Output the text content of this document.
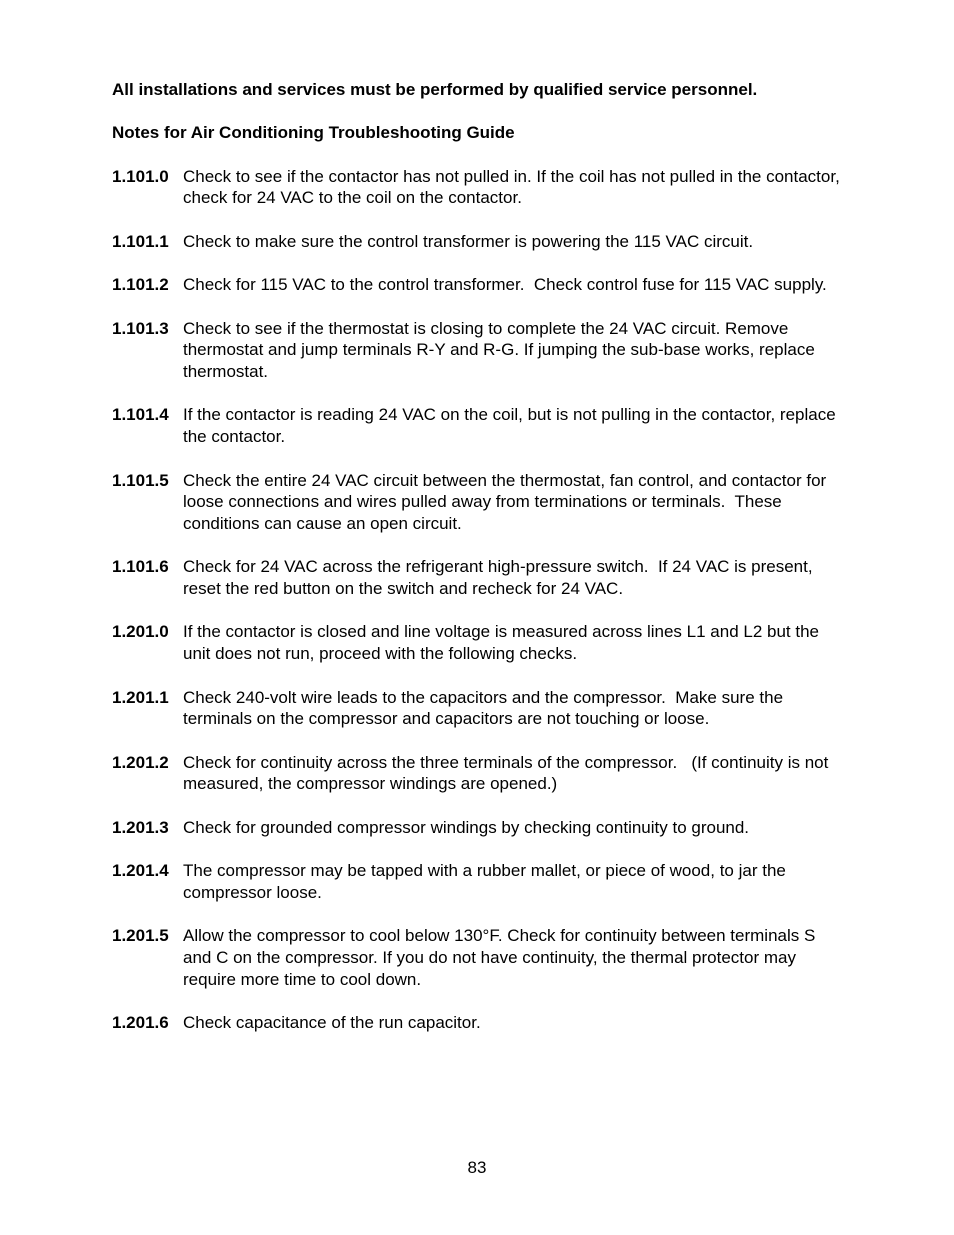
All installations and services must be performed by qualified service personnel.
Notes for Air Conditioning Troubleshooting Guide
1.101.0 Check to see if the contactor has not pulled in. If the coil has not pulled in the contactor, check for 24 VAC to the coil on the contactor.
1.101.1 Check to make sure the control transformer is powering the 115 VAC circuit.
1.101.2 Check for 115 VAC to the control transformer.  Check control fuse for 115 VAC supply.
1.101.3 Check to see if the thermostat is closing to complete the 24 VAC circuit. Remove thermostat and jump terminals R-Y and R-G. If jumping the sub-base works, replace thermostat.
1.101.4 If the contactor is reading 24 VAC on the coil, but is not pulling in the contactor, replace the contactor.
1.101.5 Check the entire 24 VAC circuit between the thermostat, fan control, and contactor for loose connections and wires pulled away from terminations or terminals.  These conditions can cause an open circuit.
1.101.6 Check for 24 VAC across the refrigerant high-pressure switch.  If 24 VAC is present, reset the red button on the switch and recheck for 24 VAC.
1.201.0 If the contactor is closed and line voltage is measured across lines L1 and L2 but the unit does not run, proceed with the following checks.
1.201.1 Check 240-volt wire leads to the capacitors and the compressor.  Make sure the terminals on the compressor and capacitors are not touching or loose.
1.201.2 Check for continuity across the three terminals of the compressor.   (If continuity is not measured, the compressor windings are opened.)
1.201.3 Check for grounded compressor windings by checking continuity to ground.
1.201.4 The compressor may be tapped with a rubber mallet, or piece of wood, to jar the compressor loose.
1.201.5 Allow the compressor to cool below 130°F. Check for continuity between terminals S and C on the compressor. If you do not have continuity, the thermal protector may require more time to cool down.
1.201.6 Check capacitance of the run capacitor.
83
